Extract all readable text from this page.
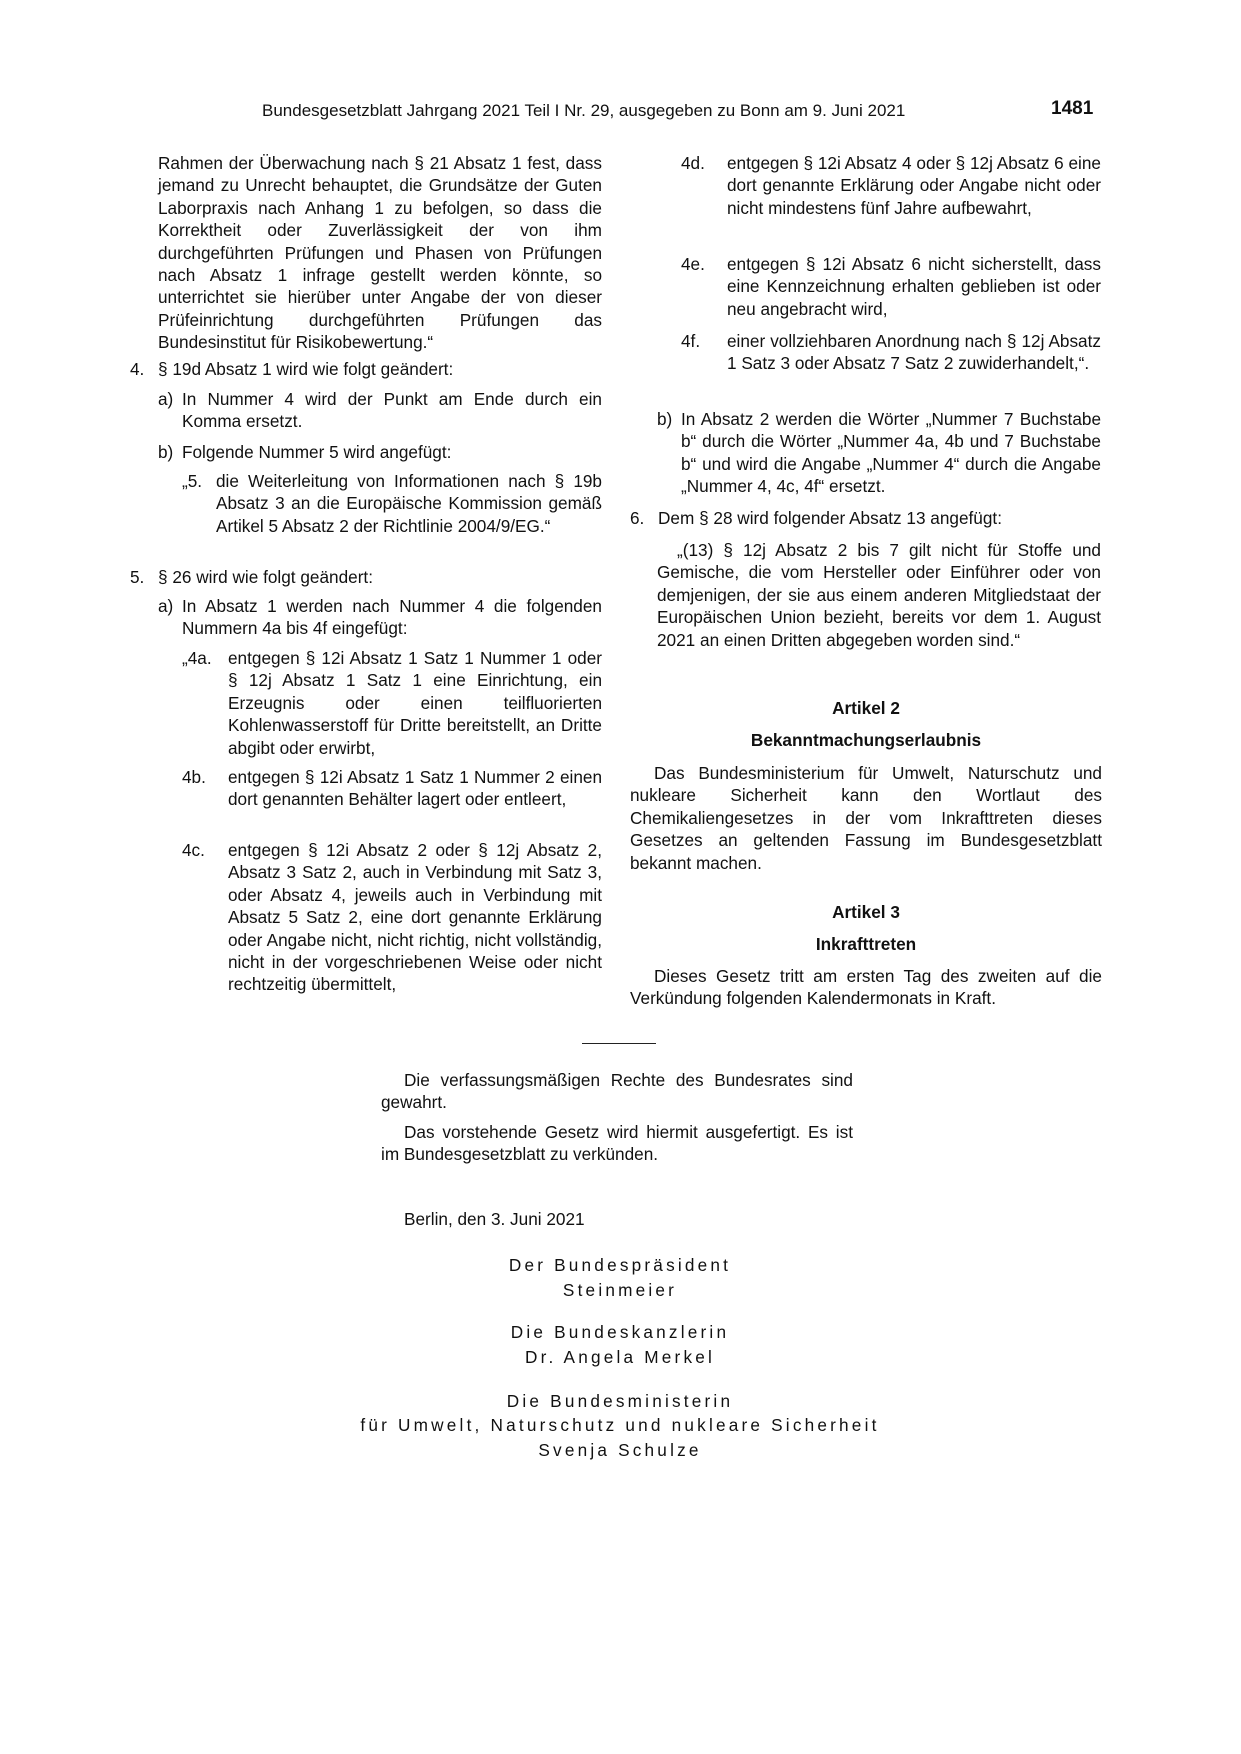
Bundesgesetzblatt Jahrgang 2021 Teil I Nr. 29, ausgegeben zu Bonn am 9. Juni 2021	1481
Rahmen der Überwachung nach § 21 Absatz 1 fest, dass jemand zu Unrecht behauptet, die Grundsätze der Guten Laborpraxis nach Anhang 1 zu befolgen, so dass die Korrektheit oder Zuverlässigkeit der von ihm durchgeführten Prüfungen und Phasen von Prüfungen nach Absatz 1 infrage gestellt werden könnte, so unterrichtet sie hierüber unter Angabe der von dieser Prüfeinrichtung durchgeführten Prüfungen das Bundesinstitut für Risikobewertung.“
4. § 19d Absatz 1 wird wie folgt geändert:
a) In Nummer 4 wird der Punkt am Ende durch ein Komma ersetzt.
b) Folgende Nummer 5 wird angefügt:
„5. die Weiterleitung von Informationen nach § 19b Absatz 3 an die Europäische Kommission gemäß Artikel 5 Absatz 2 der Richtlinie 2004/9/EG.“
5. § 26 wird wie folgt geändert:
a) In Absatz 1 werden nach Nummer 4 die folgenden Nummern 4a bis 4f eingefügt:
„4a. entgegen § 12i Absatz 1 Satz 1 Nummer 1 oder § 12j Absatz 1 Satz 1 eine Einrichtung, ein Erzeugnis oder einen teilfluorierten Kohlenwasserstoff für Dritte bereitstellt, an Dritte abgibt oder erwirbt,
4b. entgegen § 12i Absatz 1 Satz 1 Nummer 2 einen dort genannten Behälter lagert oder entleert,
4c. entgegen § 12i Absatz 2 oder § 12j Absatz 2, Absatz 3 Satz 2, auch in Verbindung mit Satz 3, oder Absatz 4, jeweils auch in Verbindung mit Absatz 5 Satz 2, eine dort genannte Erklärung oder Angabe nicht, nicht richtig, nicht vollständig, nicht in der vorgeschriebenen Weise oder nicht rechtzeitig übermittelt,
4d. entgegen § 12i Absatz 4 oder § 12j Absatz 6 eine dort genannte Erklärung oder Angabe nicht oder nicht mindestens fünf Jahre aufbewahrt,
4e. entgegen § 12i Absatz 6 nicht sicherstellt, dass eine Kennzeichnung erhalten geblieben ist oder neu angebracht wird,
4f. einer vollziehbaren Anordnung nach § 12j Absatz 1 Satz 3 oder Absatz 7 Satz 2 zuwiderhandelt,“.
b) In Absatz 2 werden die Wörter „Nummer 7 Buchstabe b“ durch die Wörter „Nummer 4a, 4b und 7 Buchstabe b“ und wird die Angabe „Nummer 4“ durch die Angabe „Nummer 4, 4c, 4f“ ersetzt.
6. Dem § 28 wird folgender Absatz 13 angefügt:
„(13) § 12j Absatz 2 bis 7 gilt nicht für Stoffe und Gemische, die vom Hersteller oder Einführer oder von demjenigen, der sie aus einem anderen Mitgliedstaat der Europäischen Union bezieht, bereits vor dem 1. August 2021 an einen Dritten abgegeben worden sind.“
Artikel 2
Bekanntmachungserlaubnis
Das Bundesministerium für Umwelt, Naturschutz und nukleare Sicherheit kann den Wortlaut des Chemikaliengesetzes in der vom Inkrafttreten dieses Gesetzes an geltenden Fassung im Bundesgesetzblatt bekannt machen.
Artikel 3
Inkrafttreten
Dieses Gesetz tritt am ersten Tag des zweiten auf die Verkündung folgenden Kalendermonats in Kraft.
Die verfassungsmäßigen Rechte des Bundesrates sind gewahrt.
Das vorstehende Gesetz wird hiermit ausgefertigt. Es ist im Bundesgesetzblatt zu verkünden.
Berlin, den 3. Juni 2021
Der Bundespräsident
Steinmeier
Die Bundeskanzlerin
Dr. Angela Merkel
Die Bundesministerin
für Umwelt, Naturschutz und nukleare Sicherheit
Svenja Schulze
